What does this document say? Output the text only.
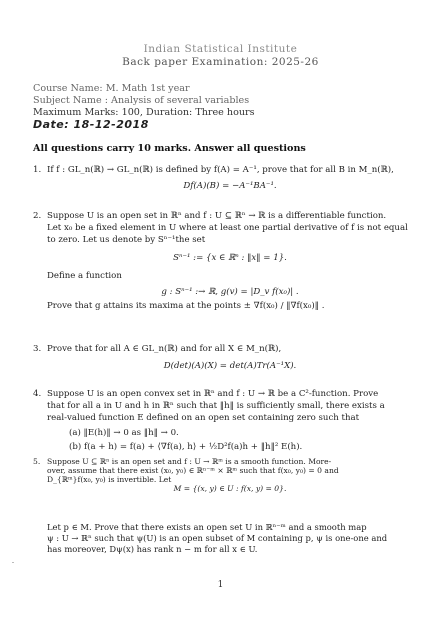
Indian Statistical Institute
Back paper Examination: 2025-26
Course Name: M. Math 1st year
Subject Name : Analysis of several variables
Maximum Marks: 100, Duration: Three hours
Date: 18-12-2018
All questions carry 10 marks. Answer all questions
1. If f : GL_n(ℝ) → GL_n(ℝ) is defined by f(A) = A⁻¹, prove that for all B in M_n(ℝ),
Df(A)(B) = −A⁻¹BA⁻¹.
2. Suppose U is an open set in ℝⁿ and f : U ⊆ ℝⁿ → ℝ is a differentiable function.
Let x₀ be a fixed element in U where at least one partial derivative of f is not equal
to zero. Let us denote by Sⁿ⁻¹the set
Sⁿ⁻¹ := {x ∈ ℝⁿ : ‖x‖ = 1}.
Define a function
g : Sⁿ⁻¹ :→ ℝ, g(v) = |D_v f(x₀)| .
Prove that g attains its maxima at the points ± ∇f(x₀) / ‖∇f(x₀)‖ .
3. Prove that for all A ∈ GL_n(ℝ) and for all X ∈ M_n(ℝ),
D(det)(A)(X) = det(A)Tr(A⁻¹X).
4. Suppose U is an open convex set in ℝⁿ and f : U → ℝ be a C²-function. Prove
that for all a in U and h in ℝⁿ such that ‖h‖ is sufficiently small, there exists a
real-valued function E defined on an open set containing zero such that
(a) ‖E(h)‖ → 0 as ‖h‖ → 0.
(b) f(a + h) = f(a) + ⟨∇f(a), h⟩ + ½D²f(a)h + ‖h‖² E(h).
5. Suppose U ⊆ ℝⁿ is an open set and f : U → ℝᵐ is a smooth function. More-
over, assume that there exist (x₀, y₀) ∈ ℝⁿ⁻ᵐ × ℝᵐ such that f(x₀, y₀) = 0 and
D_{ℝᵐ}f(x₀, y₀) is invertible. Let
M = {(x, y) ∈ U : f(x, y) = 0}.
Let p ∈ M. Prove that there exists an open set U in ℝⁿ⁻ᵐ and a smooth map
ψ : U → ℝⁿ such that ψ(U) is an open subset of M containing p, ψ is one-one and
has moreover, Dψ(x) has rank n − m for all x ∈ U.
1
